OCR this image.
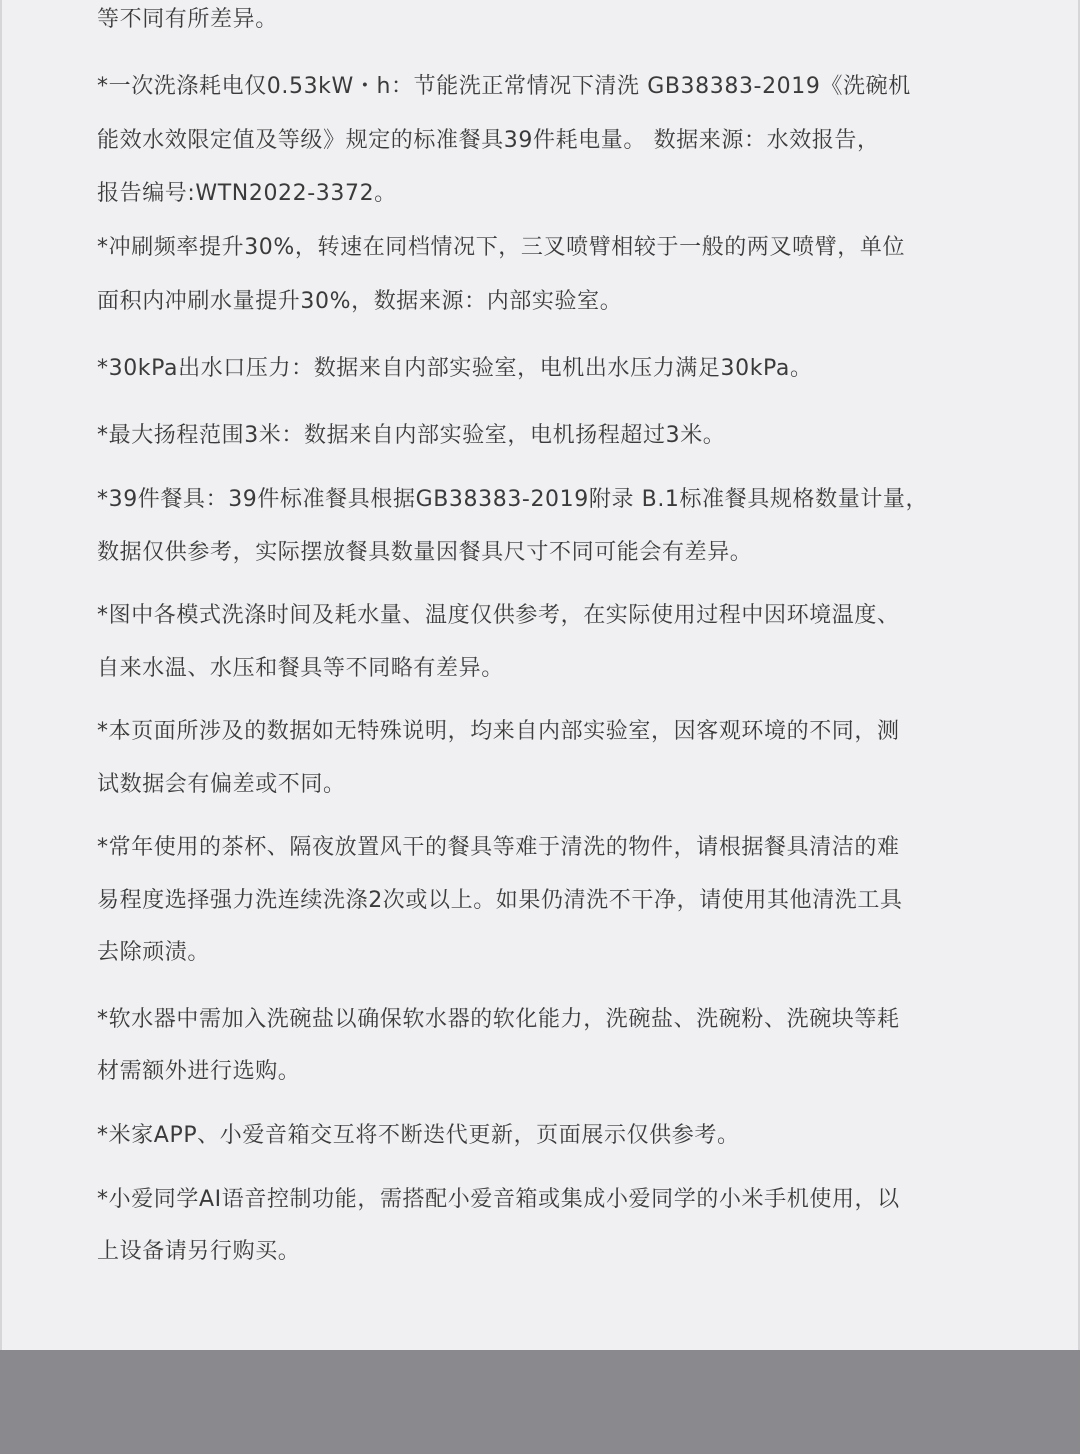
等不同有所差异。
*一次洗涤耗电仅0.53kW・h：节能洗正常情况下清洗 GB38383-2019《洗碗机
能效水效限定值及等级》规定的标准餐具39件耗电量。 数据来源：水效报告，
报告编号:WTN2022-3372。
*冲刷频率提升30%，转速在同档情况下，三叉喷臂相较于一般的两叉喷臂，单位
面积内冲刷水量提升30%，数据来源：内部实验室。
*30kPa出水口压力：数据来自内部实验室，电机出水压力满足30kPa。
*最大扬程范围3米：数据来自内部实验室，电机扬程超过3米。
*39件餐具：39件标准餐具根据GB38383-2019附录 B.1标准餐具规格数量计量，
数据仅供参考，实际摆放餐具数量因餐具尺寸不同可能会有差异。
*图中各模式洗涤时间及耗水量、温度仅供参考，在实际使用过程中因环境温度、
自来水温、水压和餐具等不同略有差异。
*本页面所涉及的数据如无特殊说明，均来自内部实验室，因客观环境的不同，测
试数据会有偏差或不同。
*常年使用的茶杯、隔夜放置风干的餐具等难于清洗的物件，请根据餐具清洁的难
易程度选择强力洗连续洗涤2次或以上。如果仍清洗不干净，请使用其他清洗工具
去除顽渍。
*软水器中需加入洗碗盐以确保软水器的软化能力，洗碗盐、洗碗粉、洗碗块等耗
材需额外进行选购。
*米家APP、小爱音箱交互将不断迭代更新，页面展示仅供参考。
*小爱同学AI语音控制功能，需搭配小爱音箱或集成小爱同学的小米手机使用，以
上设备请另行购买。
